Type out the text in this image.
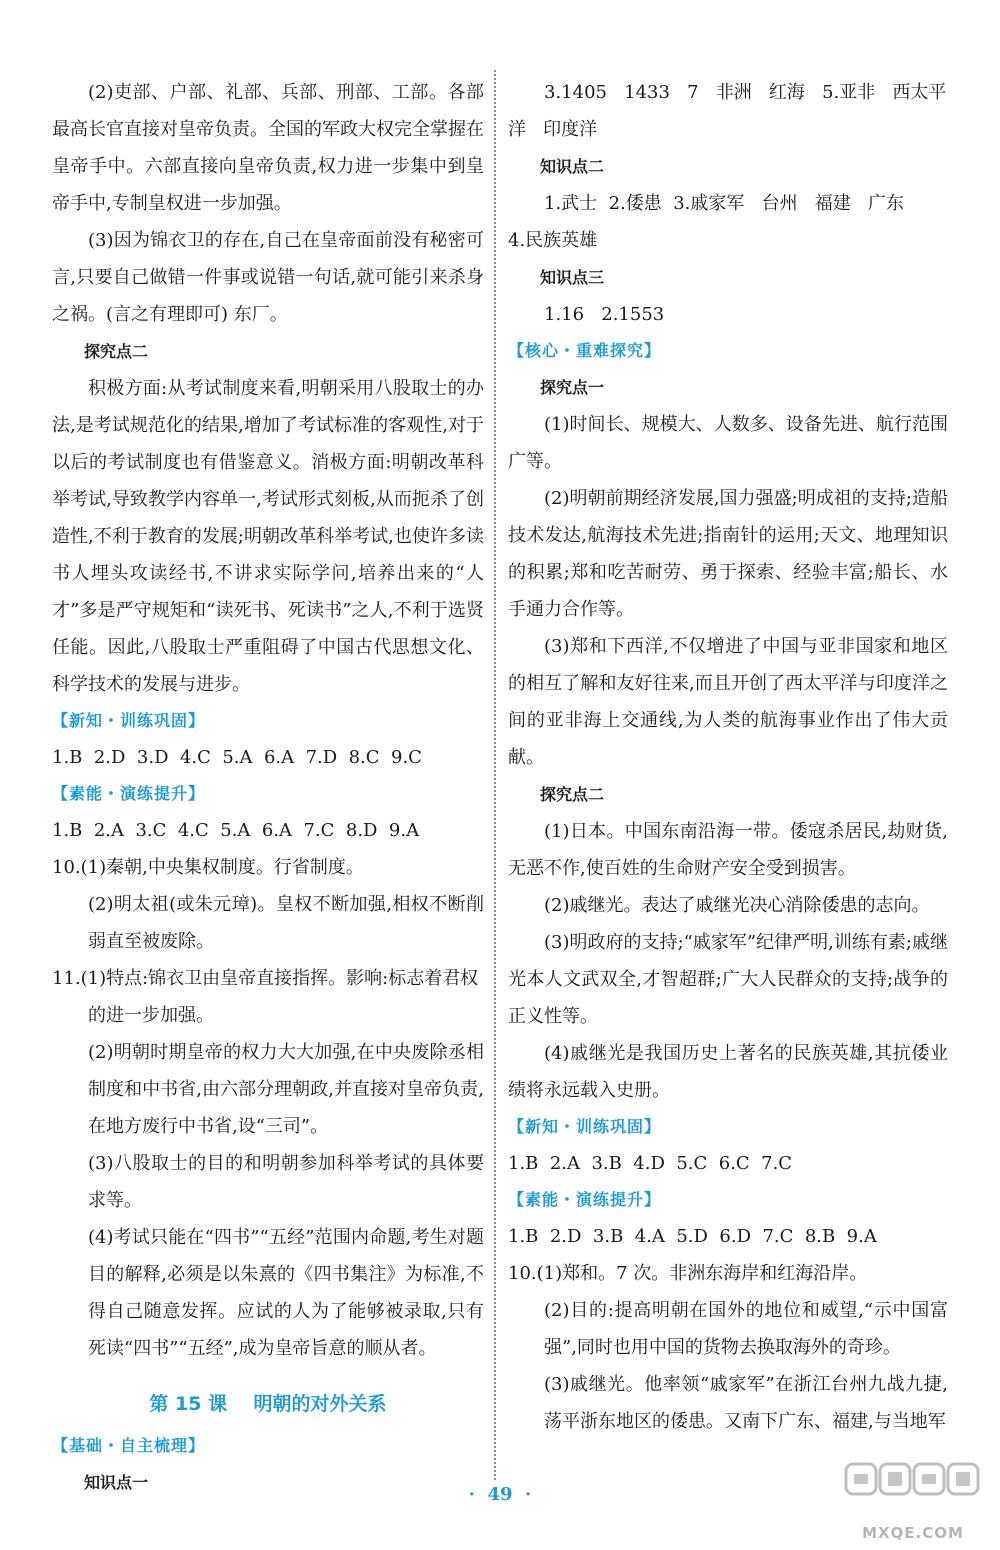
(2)吏部、户部、礼部、兵部、刑部、工部。各部最高长官直接对皇帝负责。全国的军政大权完全掌握在皇帝手中。六部直接向皇帝负责,权力进一步集中到皇帝手中,专制皇权进一步加强。
(3)因为锦衣卫的存在,自己在皇帝面前没有秘密可言,只要自己做错一件事或说错一句话,就可能引来杀身之祸。(言之有理即可) 东厂。
探究点二
积极方面:从考试制度来看,明朝采用八股取士的办法,是考试规范化的结果,增加了考试标准的客观性,对于以后的考试制度也有借鉴意义。消极方面:明朝改革科举考试,导致教学内容单一,考试形式刻板,从而扼杀了创造性,不利于教育的发展;明朝改革科举考试,也使许多读书人埋头攻读经书,不讲求实际学问,培养出来的“人才”多是严守规矩和“读死书、死读书”之人,不利于选贤任能。因此,八股取士严重阻碍了中国古代思想文化、科学技术的发展与进步。
【新知・训练巩固】
1.B  2.D  3.D  4.C  5.A  6.A  7.D  8.C  9.C
【素能・演练提升】
1.B  2.A  3.C  4.C  5.A  6.A  7.C  8.D  9.A
10.(1)秦朝,中央集权制度。行省制度。
(2)明太祖(或朱元璋)。皇权不断加强,相权不断削弱直至被废除。
11.(1)特点:锦衣卫由皇帝直接指挥。影响:标志着君权
的进一步加强。
(2)明朝时期皇帝的权力大大加强,在中央废除丞相制度和中书省,由六部分理朝政,并直接对皇帝负责,在地方废行中书省,设“三司”。
(3)八股取士的目的和明朝参加科举考试的具体要求等。
(4)考试只能在“四书”“五经”范围内命题,考生对题目的解释,必须是以朱熹的《四书集注》为标准,不得自己随意发挥。应试的人为了能够被录取,只有死读“四书”“五经”,成为皇帝旨意的顺从者。
第 15 课    明朝的对外关系
【基础・自主梳理】
知识点一
3.1405   1433   7   非洲   红海   5.亚非   西太平
洋   印度洋
知识点二
1.武士  2.倭患  3.戚家军   台州   福建   广东
4.民族英雄
知识点三
1.16   2.1553
【核心・重难探究】
探究点一
(1)时间长、规模大、人数多、设备先进、航行范围广等。
(2)明朝前期经济发展,国力强盛;明成祖的支持;造船技术发达,航海技术先进;指南针的运用;天文、地理知识的积累;郑和吃苦耐劳、勇于探索、经验丰富;船长、水手通力合作等。
(3)郑和下西洋,不仅增进了中国与亚非国家和地区的相互了解和友好往来,而且开创了西太平洋与印度洋之间的亚非海上交通线,为人类的航海事业作出了伟大贡献。
探究点二
(1)日本。中国东南沿海一带。倭寇杀居民,劫财货,无恶不作,使百姓的生命财产安全受到损害。
(2)戚继光。表达了戚继光决心消除倭患的志向。
(3)明政府的支持;“戚家军”纪律严明,训练有素;戚继光本人文武双全,才智超群;广大人民群众的支持;战争的正义性等。
(4)戚继光是我国历史上著名的民族英雄,其抗倭业绩将永远载入史册。
【新知・训练巩固】
1.B  2.A  3.B  4.D  5.C  6.C  7.C
【素能・演练提升】
1.B  2.D  3.B  4.A  5.D  6.D  7.C  8.B  9.A
10.(1)郑和。7 次。非洲东海岸和红海沿岸。
(2)目的:提高明朝在国外的地位和威望,“示中国富强”,同时也用中国的货物去换取海外的奇珍。
(3)戚继光。他率领“戚家军”在浙江台州九战九捷,荡平浙东地区的倭患。又南下广东、福建,与当地军
·  49  ·
MXQE.COM
